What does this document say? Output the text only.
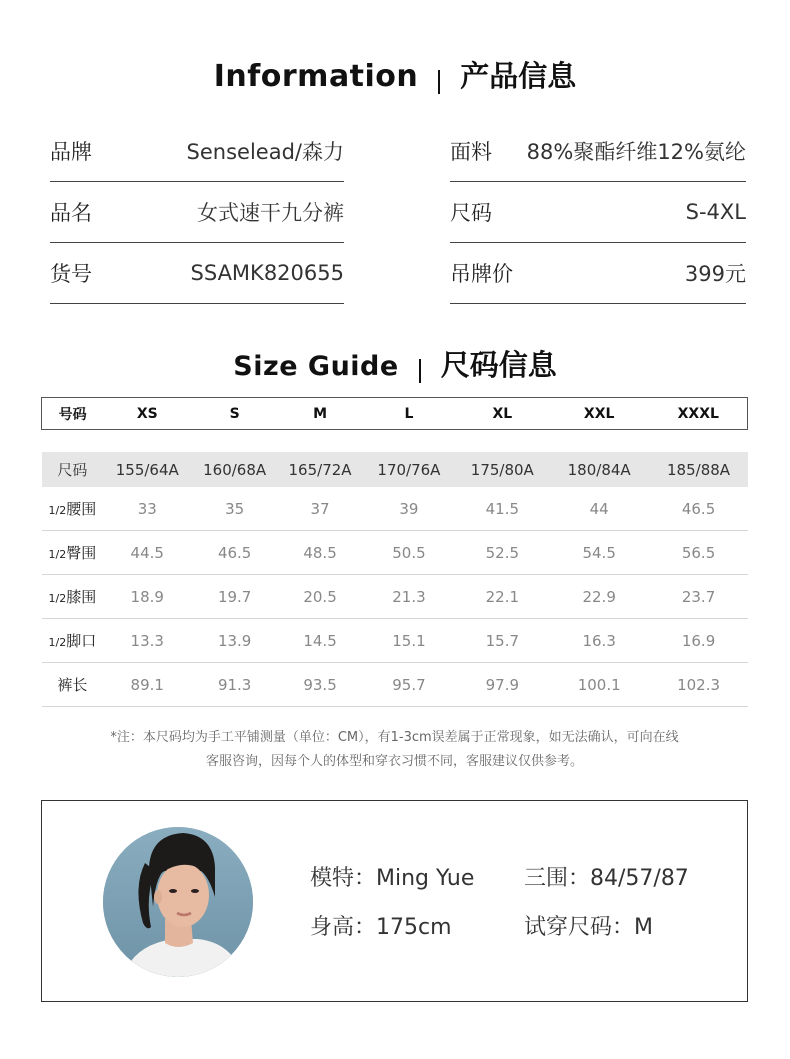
Information 产品信息
品牌	Senselead/森力
品名	女式速干九分裤
货号	SSAMK820655
面料 88%聚酯纤维12%氨纶
尺码	S-4XL
吊牌价	399元
Size Guide 尺码信息
号码	XS	S	M	L	XL	XXL	XXXL

尺码	155/64A	160/68A	165/72A	170/76A	175/80A	180/84A	185/88A
1/2腰围	33	35	37	39	41.5	44	46.5
1/2臀围	44.5	46.5	48.5	50.5	52.5	54.5	56.5
1/2膝围	18.9	19.7	20.5	21.3	22.1	22.9	23.7
1/2脚口	13.3	13.9	14.5	15.1	15.7	16.3	16.9
裤长	89.1	91.3	93.5	95.7	97.9	100.1	102.3
*注：本尺码均为手工平铺测量（单位：CM），有1-3cm误差属于正常现象，如无法确认，可向在线
客服咨询，因每个人的体型和穿衣习惯不同，客服建议仅供参考。
模特：Ming Yue 三围：84/57/87
身高：175cm	试穿尺码：M
